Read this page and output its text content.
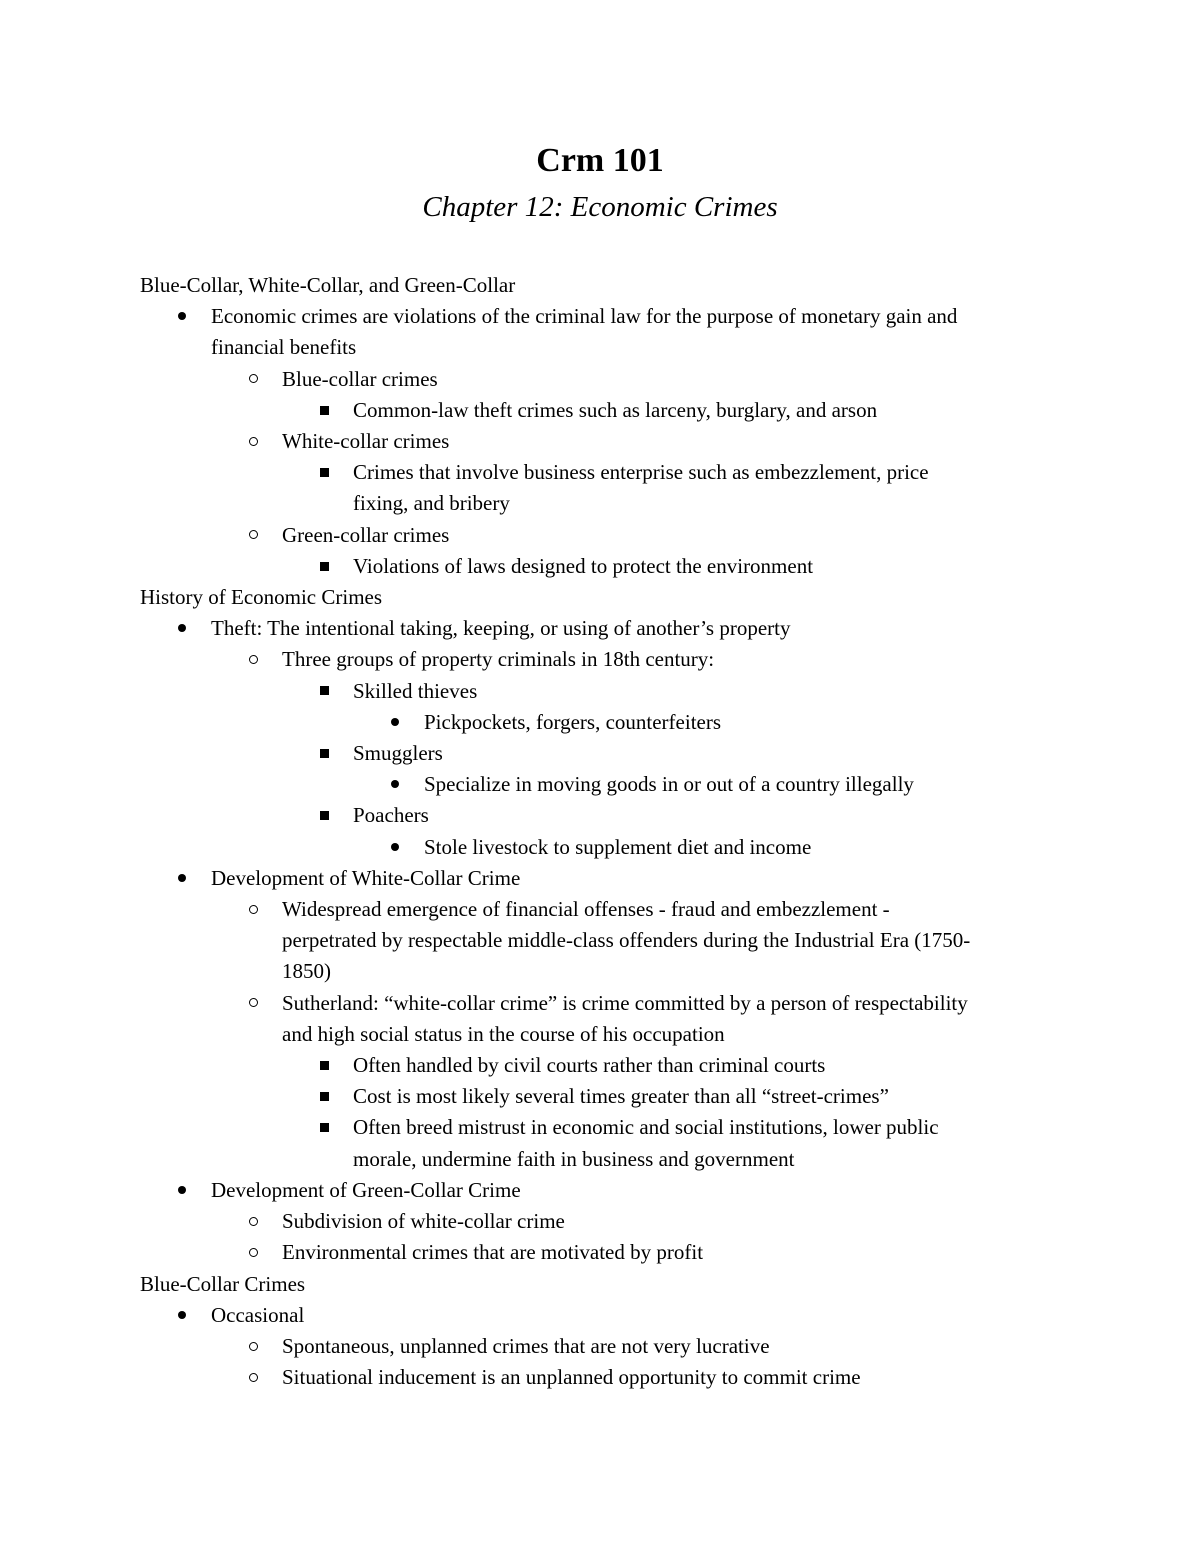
Crm 101
Chapter 12: Economic Crimes
Blue-Collar, White-Collar, and Green-Collar
Economic crimes are violations of the criminal law for the purpose of monetary gain and
financial benefits
Blue-collar crimes
Common-law theft crimes such as larceny, burglary, and arson
White-collar crimes
Crimes that involve business enterprise such as embezzlement, price
fixing, and bribery
Green-collar crimes
Violations of laws designed to protect the environment
History of Economic Crimes
Theft: The intentional taking, keeping, or using of another’s property
Three groups of property criminals in 18th century:
Skilled thieves
Pickpockets, forgers, counterfeiters
Smugglers
Specialize in moving goods in or out of a country illegally
Poachers
Stole livestock to supplement diet and income
Development of White-Collar Crime
Widespread emergence of financial offenses - fraud and embezzlement -
perpetrated by respectable middle-class offenders during the Industrial Era (1750-
1850)
Sutherland: “white-collar crime” is crime committed by a person of respectability
and high social status in the course of his occupation
Often handled by civil courts rather than criminal courts
Cost is most likely several times greater than all “street-crimes”
Often breed mistrust in economic and social institutions, lower public
morale, undermine faith in business and government
Development of Green-Collar Crime
Subdivision of white-collar crime
Environmental crimes that are motivated by profit
Blue-Collar Crimes
Occasional
Spontaneous, unplanned crimes that are not very lucrative
Situational inducement is an unplanned opportunity to commit crime
